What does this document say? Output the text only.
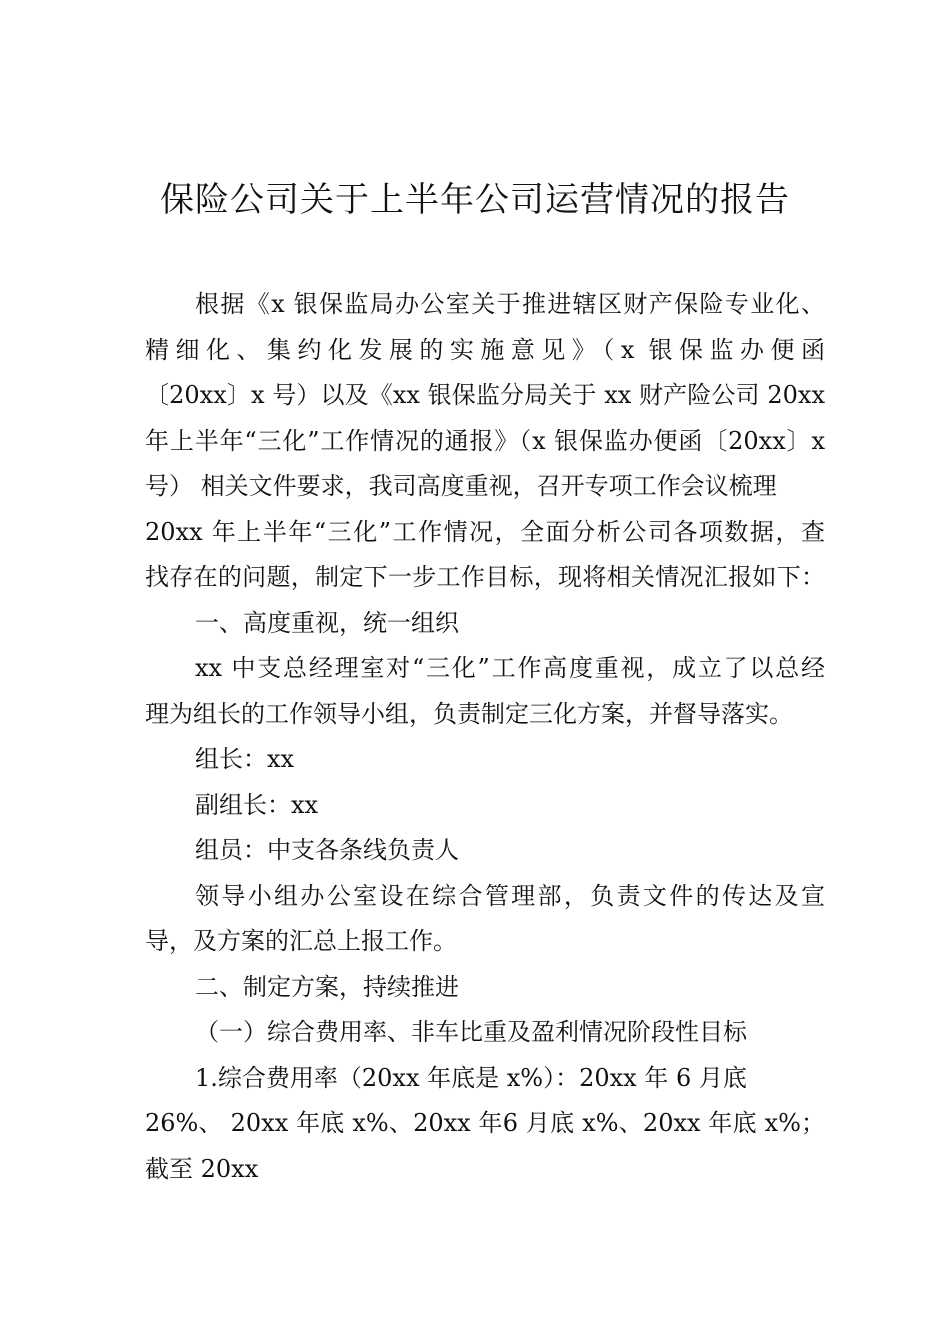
保险公司关于上半年公司运营情况的报告
根据《x 银保监局办公室关于推进辖区财产保险专业化、
精细化、集约化发展的实施意见》（x 银保监办便函
〔20xx〕x 号）以及《xx 银保监分局关于 xx 财产险公司 20xx
年上半年“三化”工作情况的通报》（x 银保监办便函〔20xx〕x
号） 相关文件要求，我司高度重视，召开专项工作会议梳理
20xx 年上半年“三化”工作情况，全面分析公司各项数据，查
找存在的问题，制定下一步工作目标，现将相关情况汇报如下：
一、高度重视，统一组织
xx 中支总经理室对“三化”工作高度重视，成立了以总经
理为组长的工作领导小组，负责制定三化方案，并督导落实。
组长：xx
副组长：xx
组员：中支各条线负责人
领导小组办公室设在综合管理部，负责文件的传达及宣
导，及方案的汇总上报工作。
二、制定方案，持续推进
（一）综合费用率、非车比重及盈利情况阶段性目标
1.综合费用率（20xx 年底是 x%）：20xx 年 6 月底
26%、 20xx 年底 x%、20xx 年6 月底 x%、20xx 年底 x%；
截至 20xx
